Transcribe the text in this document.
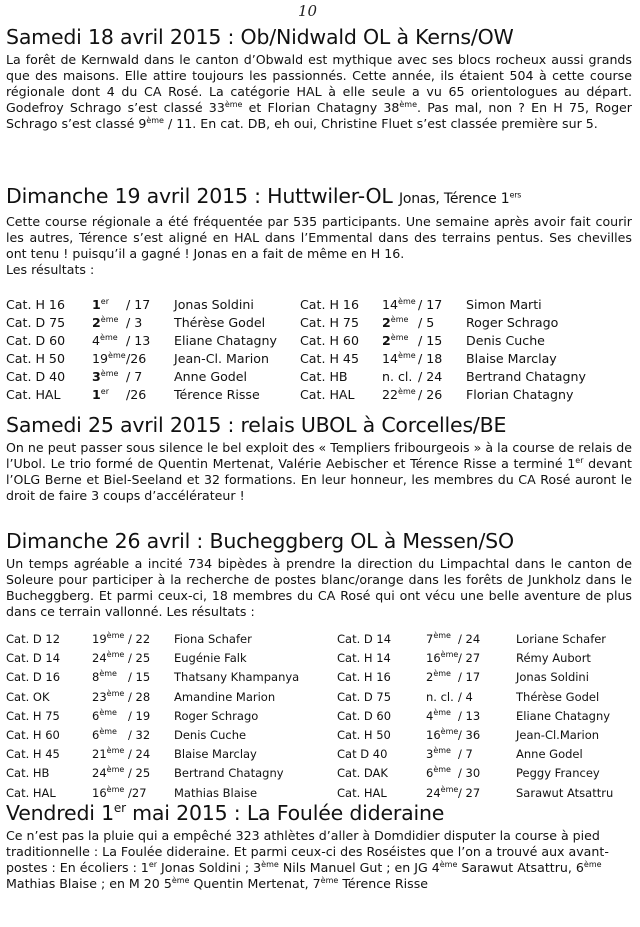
10
Samedi 18 avril 2015 : Ob/Nidwald OL à Kerns/OW
La forêt de Kernwald dans le canton d’Obwald est mythique avec ses blocs rocheux aussi grands que des maisons. Elle attire toujours les passionnés. Cette année, ils étaient 504 à cette course régionale dont 4 du CA Rosé. La catégorie HAL à elle seule a vu 65 orientologues au départ. Godefroy Schrago s’est classé 33ème et Florian Chatagny 38ème. Pas mal, non ? En H 75, Roger Schrago s’est classé 9ème / 11. En cat. DB, eh oui, Christine Fluet s’est classée première sur 5.
Dimanche 19 avril 2015 : Huttwiler-OL Jonas, Térence 1ers
Cette course régionale a été fréquentée par 535 participants. Une semaine après avoir fait courir les autres, Térence s’est aligné en HAL dans l’Emmental dans des terrains pentus. Ses chevilles ont tenu ! puisqu’il a gagné ! Jonas en a fait de même en H 16.
Les résultats :
Cat. H 16 1er / 17 Jonas Soldini	Cat. H 16 14ème / 17 Simon Marti
Cat. D 75 2ème / 3	Thérèse Godel	Cat. H 75 2ème / 5	Roger Schrago
Cat. D 60 4ème / 13 Eliane Chatagny Cat. H 60 2ème / 15 Denis Cuche
Cat. H 50 19ème /26 Jean-Cl. Marion Cat. H 45 14ème / 18 Blaise Marclay
Cat. D 40 3ème / 7	Anne Godel	Cat. HB	n. cl. / 24 Bertrand Chatagny
Cat. HAL 1er /26 Térence Risse	Cat. HAL 22ème / 26 Florian Chatagny
Samedi 25 avril 2015 : relais UBOL à Corcelles/BE
On ne peut passer sous silence le bel exploit des « Templiers fribourgeois » à la course de relais de l’Ubol. Le trio formé de Quentin Mertenat, Valérie Aebischer et Térence Risse a terminé 1er devant l’OLG Berne et Biel-Seeland et 32 formations. En leur honneur, les membres du CA Rosé auront le droit de faire 3 coups d’accélérateur !
Dimanche 26 avril : Bucheggberg OL à Messen/SO
Un temps agréable a incité 734 bipèdes à prendre la direction du Limpachtal dans le canton de Soleure pour participer à la recherche de postes blanc/orange dans les forêts de Junkholz dans le Bucheggberg. Et parmi ceux-ci, 18 membres du CA Rosé qui ont vécu une belle aventure de plus dans ce terrain vallonné. Les résultats :
Cat. D 12	19ème / 22 Fiona Schafer	Cat. D 14	7ème / 24	Loriane Schafer
Cat. D 14	24ème / 25 Eugénie Falk	Cat. H 14	16ème / 27	Rémy Aubort
Cat. D 16	8ème / 15 Thatsany Khampanya	Cat. H 16	2ème / 17	Jonas Soldini
Cat. OK	23ème / 28 Amandine Marion	Cat. D 75	n. cl. / 4	Thérèse Godel
Cat. H 75	6ème / 19 Roger Schrago	Cat. D 60	4ème / 13	Eliane Chatagny
Cat. H 60	6ème / 32 Denis Cuche	Cat. H 50	16ème / 36	Jean-Cl.Marion
Cat. H 45	21ème / 24 Blaise Marclay	Cat D 40	3ème / 7	Anne Godel
Cat. HB	24ème / 25 Bertrand Chatagny	Cat. DAK	6ème / 30	Peggy Francey
Cat. HAL	16ème /27 Mathias Blaise	Cat. HAL	24ème / 27	Sarawut Atsattru
Vendredi 1er mai 2015 : La Foulée dideraine
Ce n’est pas la pluie qui a empêché 323 athlètes d’aller à Domdidier disputer la course à pied traditionnelle : La Foulée dideraine. Et parmi ceux-ci des Roséistes que l’on a trouvé aux avant-postes : En écoliers : 1er Jonas Soldini ; 3ème Nils Manuel Gut ; en JG 4ème Sarawut Atsattru, 6ème Mathias Blaise ; en M 20 5ème Quentin Mertenat, 7ème Térence Risse
